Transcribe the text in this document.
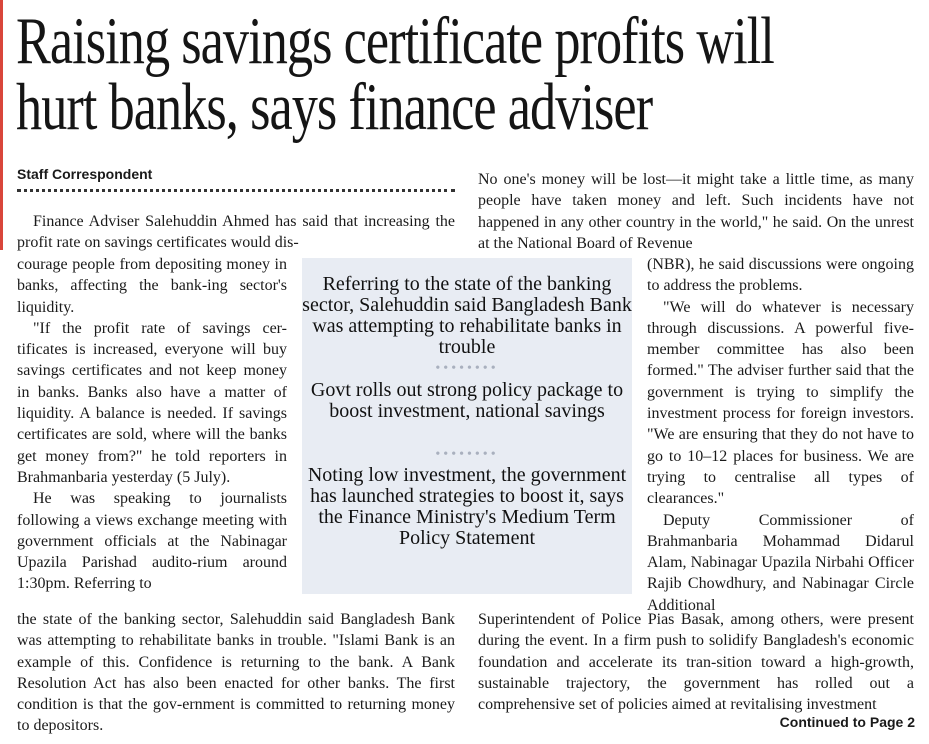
Raising savings certificate profits will
hurt banks, says finance adviser
Staff Correspondent

Finance Adviser Salehuddin Ahmed has said that increasing the profit rate on savings certificates would dis-

courage people from depositing money in banks, affecting the bank-ing sector's liquidity.

"If the profit rate of savings cer-tificates is increased, everyone will buy savings certificates and not keep money in banks. Banks also have a matter of liquidity. A balance is needed. If savings certificates are sold, where will the banks get money from?" he told reporters in Brahmanbaria yesterday (5 July).

He was speaking to journalists following a views exchange meeting with government officials at the Nabinagar Upazila Parishad audito-rium around 1:30pm. Referring to

the state of the banking sector, Salehuddin said Bangladesh Bank was attempting to rehabilitate banks in trouble. "Islami Bank is an example of this. Confidence is returning to the bank. A Bank Resolution Act has also been enacted for other banks. The first condition is that the gov-ernment is committed to returning money to depositors.

No one's money will be lost—it might take a little time, as many people have taken money and left. Such incidents have not happened in any other country in the world," he said. On the unrest at the National Board of Revenue

(NBR), he said discussions were ongoing to address the problems.

"We will do whatever is necessary through discussions. A powerful five-member committee has also been formed." The adviser further said that the government is trying to simplify the investment process for foreign investors. "We are ensuring that they do not have to go to 10–12 places for business. We are trying to centralise all types of clearances."

Deputy Commissioner of Brahmanbaria Mohammad Didarul Alam, Nabinagar Upazila Nirbahi Officer Rajib Chowdhury, and Nabinagar Circle Additional

Superintendent of Police Pias Basak, among others, were present during the event. In a firm push to solidify Bangladesh's economic foundation and accelerate its tran-sition toward a high-growth, sustainable trajectory, the government has rolled out a comprehensive set of policies aimed at revitalising investment

Continued to Page 2
Referring to the state of the banking sector, Salehuddin said Bangladesh Bank was attempting to rehabilitate banks in trouble
••••••••
Govt rolls out strong policy package to boost investment, national savings
••••••••
Noting low investment, the government has launched strategies to boost it, says the Finance Ministry's Medium Term Policy Statement
